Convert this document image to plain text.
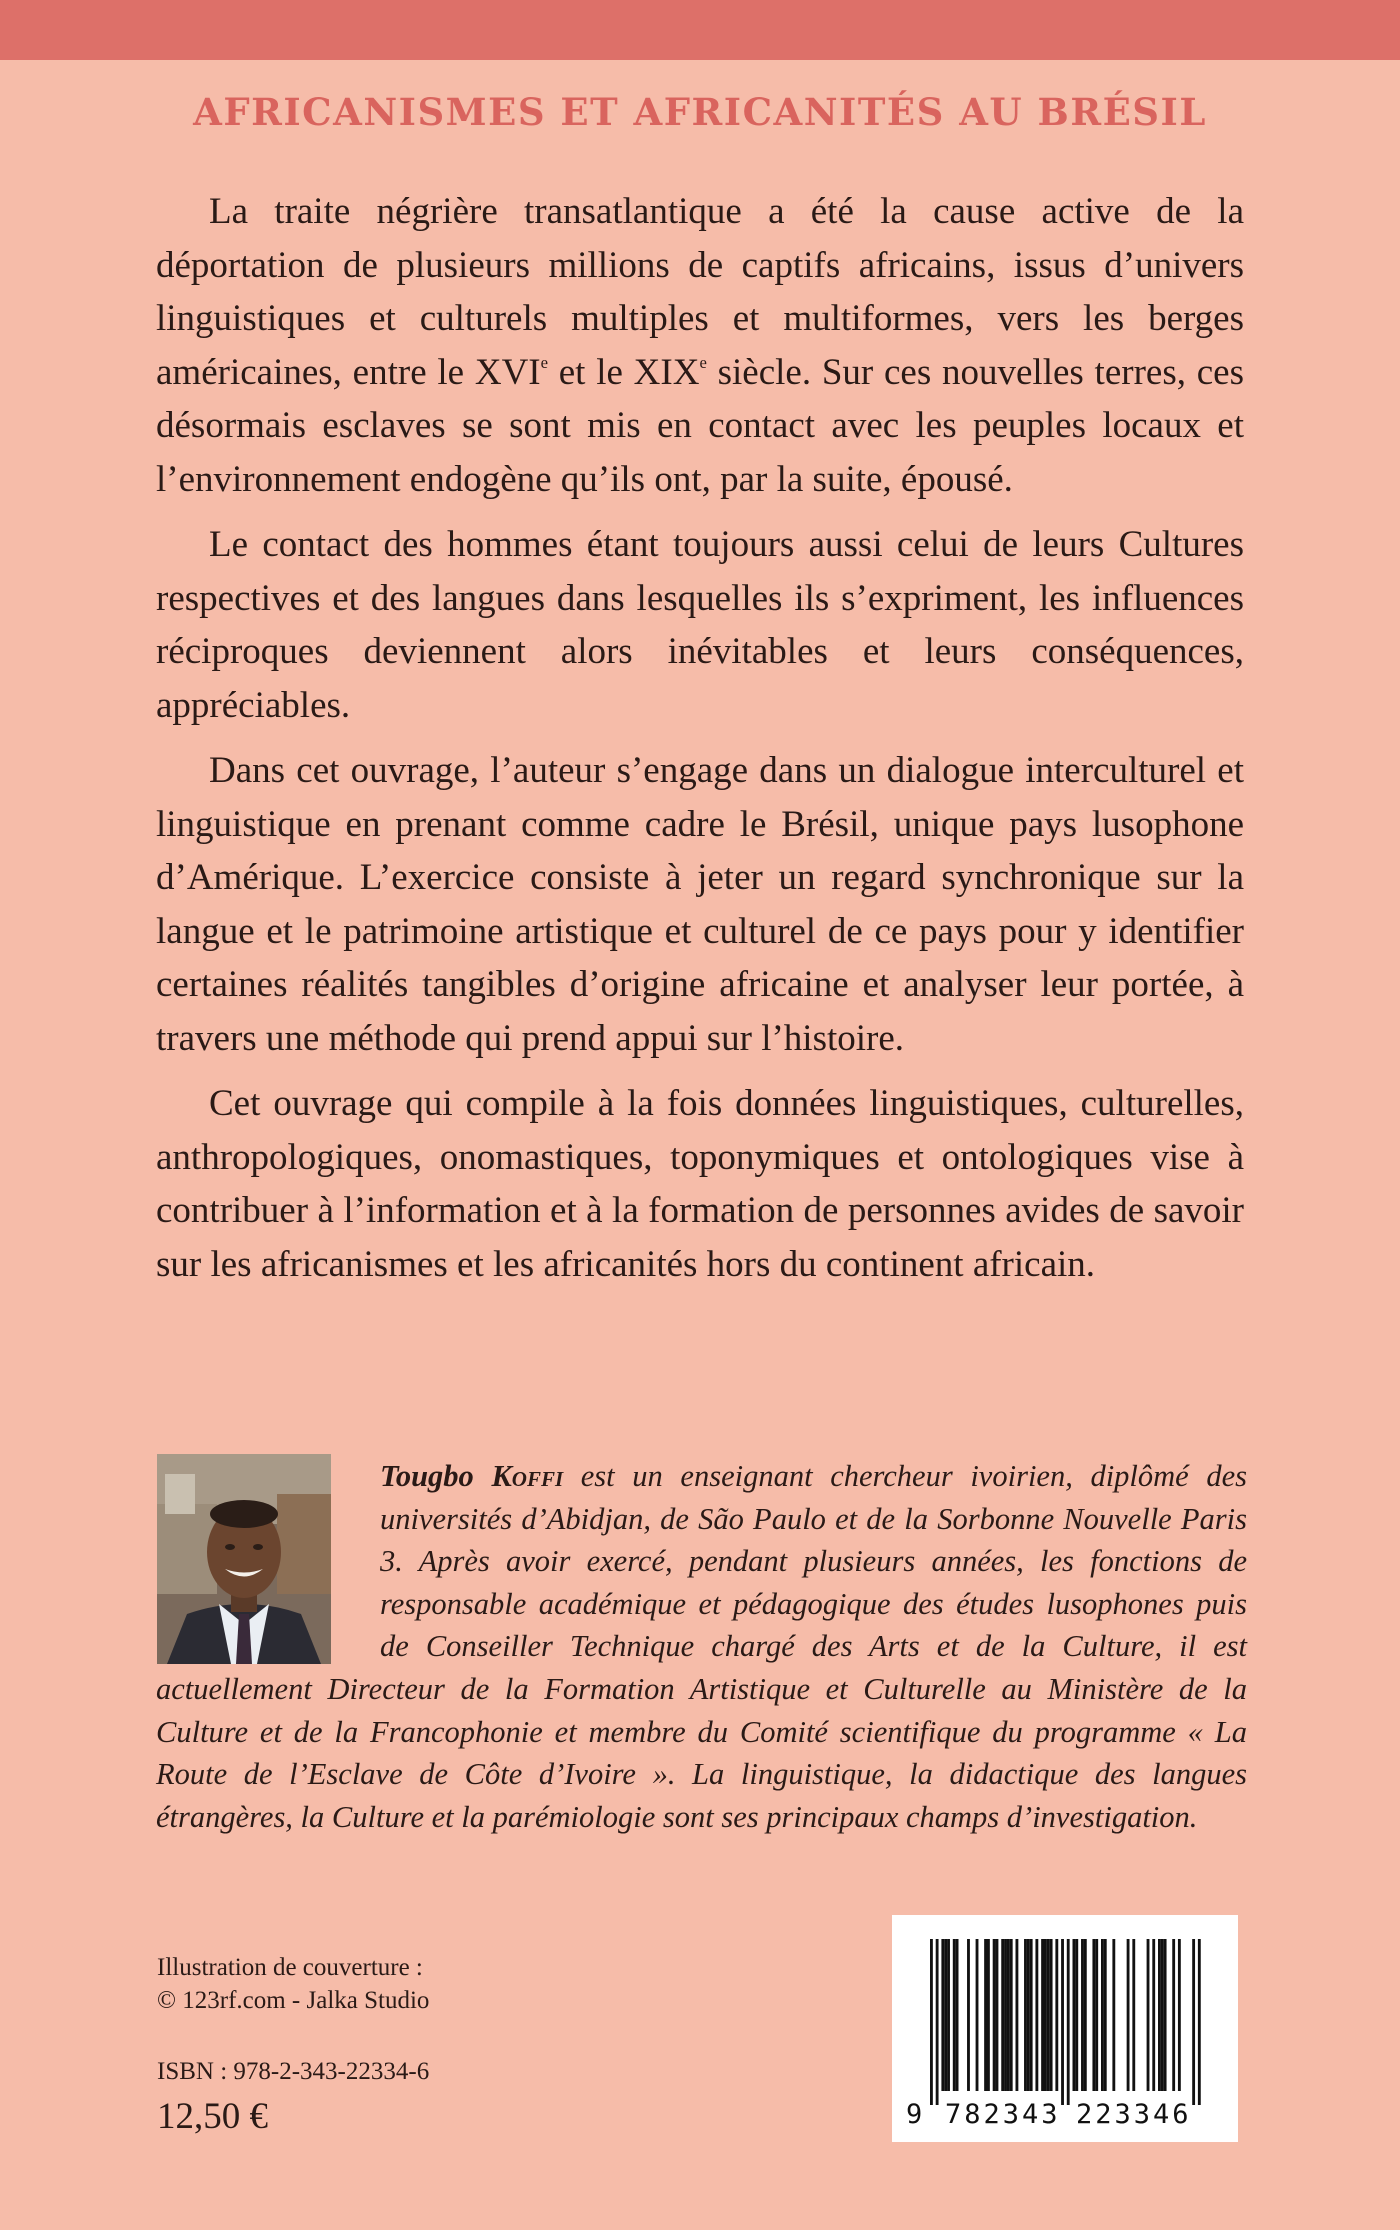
AFRICANISMES ET AFRICANITÉS AU BRÉSIL

La traite négrière transatlantique a été la cause active de la déportation de plusieurs millions de captifs africains, issus d’univers linguistiques et culturels multiples et multiformes, vers les berges américaines, entre le XVIe et le XIXe siècle. Sur ces nouvelles terres, ces désormais esclaves se sont mis en contact avec les peuples locaux et l’environnement endogène qu’ils ont, par la suite, épousé.

Le contact des hommes étant toujours aussi celui de leurs Cultures respectives et des langues dans lesquelles ils s’expriment, les influences réciproques deviennent alors inévitables et leurs conséquences, appréciables.

Dans cet ouvrage, l’auteur s’engage dans un dialogue interculturel et linguistique en prenant comme cadre le Brésil, unique pays lusophone d’Amérique. L’exercice consiste à jeter un regard synchronique sur la langue et le patrimoine artistique et culturel de ce pays pour y identifier certaines réalités tangibles d’origine africaine et analyser leur portée, à travers une méthode qui prend appui sur l’histoire.

Cet ouvrage qui compile à la fois données linguistiques, culturelles, anthropologiques, onomastiques, toponymiques et ontologiques vise à contribuer à l’information et à la formation de personnes avides de savoir sur les africanismes et les africanités hors du continent africain.

Tougbo Koffi est un enseignant chercheur ivoirien, diplômé des universités d’Abidjan, de São Paulo et de la Sorbonne Nouvelle Paris 3. Après avoir exercé, pendant plusieurs années, les fonctions de responsable académique et pédagogique des études lusophones puis de Conseiller Technique chargé des Arts et de la Culture, il est actuellement Directeur de la Formation Artistique et Culturelle au Ministère de la Culture et de la Francophonie et membre du Comité scientifique du programme « La Route de l’Esclave de Côte d’Ivoire ». La linguistique, la didactique des langues étrangères, la Culture et la parémiologie sont ses principaux champs d’investigation.
Illustration de couverture :
© 123rf.com - Jalka Studio
ISBN : 978-2-343-22334-6
12,50 €	9 782343 223346
